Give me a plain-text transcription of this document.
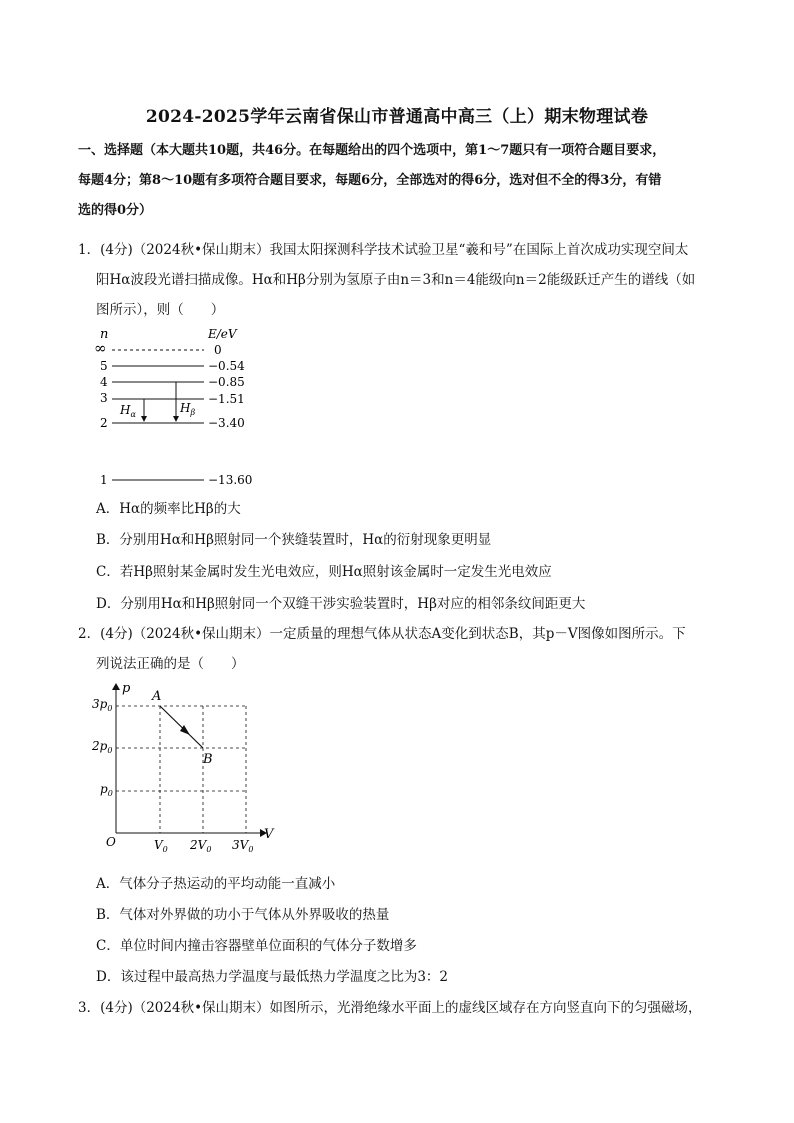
2024-2025学年云南省保山市普通高中高三（上）期末物理试卷
一、选择题（本大题共10题，共46分。在每题给出的四个选项中，第1～7题只有一项符合题目要求，
每题4分；第8～10题有多项符合题目要求，每题6分，全部选对的得6分，选对但不全的得3分，有错
选的得0分）
1．(4分)（2024秋•保山期末）我国太阳探测科学技术试验卫星“羲和号”在国际上首次成功实现空间太
阳Hα波段光谱扫描成像。Hα和Hβ分别为氢原子由n＝3和n＝4能级向n＝2能级跃迁产生的谱线（如
图所示），则（　　）
n	E/eV
∞	0
5	−0.54
4	−0.85
3	−1.51
2	−3.40
1	−13.60
$H_\alpha$	$H_\beta$
A．Hα的频率比Hβ的大
B．分别用Hα和Hβ照射同一个狭缝装置时，Hα的衍射现象更明显
C．若Hβ照射某金属时发生光电效应，则Hα照射该金属时一定发生光电效应
D．分别用Hα和Hβ照射同一个双缝干涉实验装置时，Hβ对应的相邻条纹间距更大
2．(4分)（2024秋•保山期末）一定质量的理想气体从状态A变化到状态B，其p－V图像如图所示。下
列说法正确的是（　　）
p
V
O
$3p_0$
$2p_0$
$p_0$
$V_0$ $2V_0$ $3V_0$
A
B
A．气体分子热运动的平均动能一直减小
B．气体对外界做的功小于气体从外界吸收的热量
C．单位时间内撞击容器壁单位面积的气体分子数增多
D．该过程中最高热力学温度与最低热力学温度之比为3：2
3．(4分)（2024秋•保山期末）如图所示，光滑绝缘水平面上的虚线区域存在方向竖直向下的匀强磁场，
